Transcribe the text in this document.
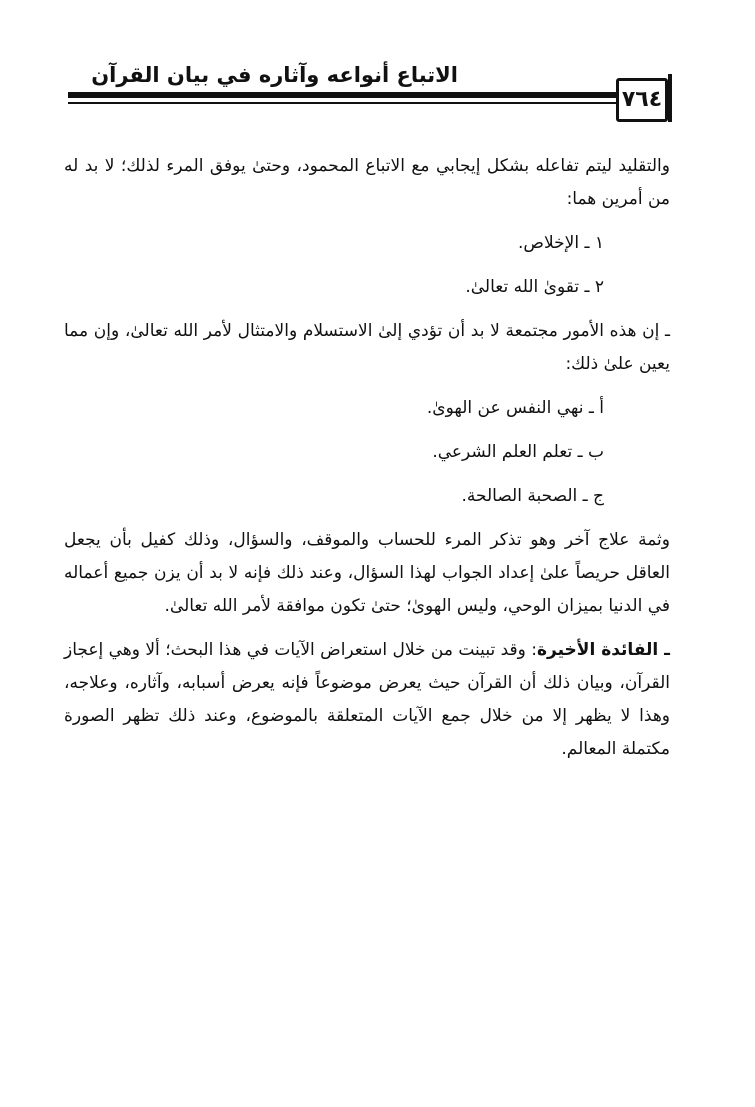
الاتباع أنواعه وآثاره في بيان القرآن
٧٦٤

والتقليد ليتم تفاعله بشكل إيجابي مع الاتباع المحمود، وحتىٰ يوفق المرء لذلك؛ لا بد له من أمرين هما:

١ ـ الإخلاص.

٢ ـ تقوىٰ الله تعالىٰ.

ـ إن هذه الأمور مجتمعة لا بد أن تؤدي إلىٰ الاستسلام والامتثال لأمر الله تعالىٰ، وإن مما يعين علىٰ ذلك:

أ ـ نهي النفس عن الهوىٰ.

ب ـ تعلم العلم الشرعي.

ج ـ الصحبة الصالحة.

وثمة علاج آخر وهو تذكر المرء للحساب والموقف، والسؤال، وذلك كفيل بأن يجعل العاقل حريصاً علىٰ إعداد الجواب لهذا السؤال، وعند ذلك فإنه لا بد أن يزن جميع أعماله في الدنيا بميزان الوحي، وليس الهوىٰ؛ حتىٰ تكون موافقة لأمر الله تعالىٰ.

ـ الفائدة الأخيرة: وقد تبينت من خلال استعراض الآيات في هذا البحث؛ ألا وهي إعجاز القرآن، وبيان ذلك أن القرآن حيث يعرض موضوعاً فإنه يعرض أسبابه، وآثاره، وعلاجه، وهذا لا يظهر إلا من خلال جمع الآيات المتعلقة بالموضوع، وعند ذلك تظهر الصورة مكتملة المعالم.
